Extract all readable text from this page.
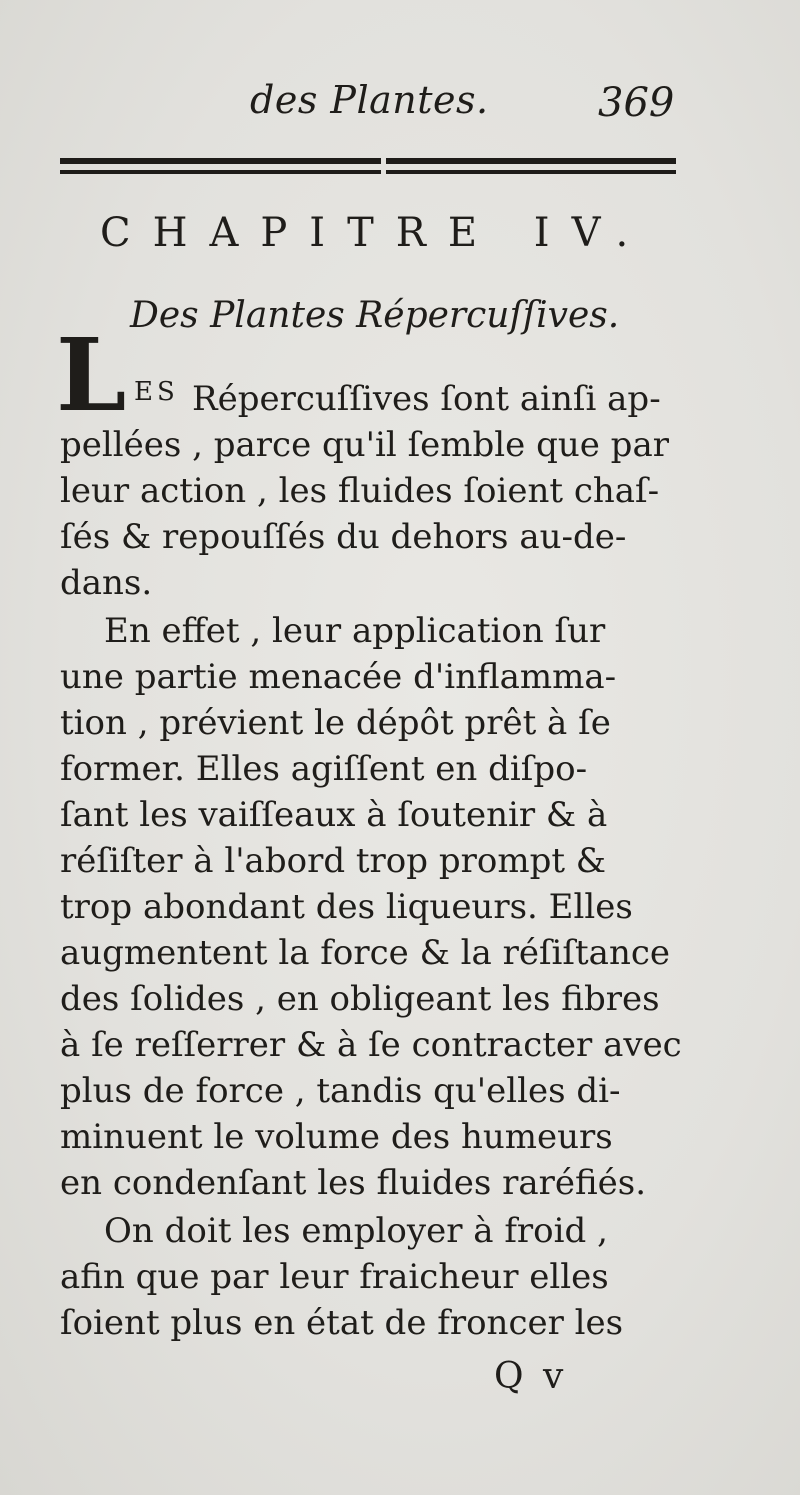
des Plantes.	369
CHAPITRE IV.
Des Plantes Répercuſſives.
L ES Répercuſſives ſont ainſi ap-
pellées , parce qu'il ſemble que par
leur action , les fluides ſoient chaſ-
ſés & repouſſés du dehors au-de-
dans.
En effet , leur application ſur
une partie menacée d'inflamma-
tion , prévient le dépôt prêt à ſe
former. Elles agiſſent en diſpo-
ſant les vaiſſeaux à ſoutenir & à
réſiſter à l'abord trop prompt &
trop abondant des liqueurs. Elles
augmentent la force & la réſiſtance
des ſolides , en obligeant les fibres
à ſe reſſerrer & à ſe contracter avec
plus de force , tandis qu'elles di-
minuent le volume des humeurs
en condenſant les fluides raréfiés.
On doit les employer à froid ,
afin que par leur fraicheur elles
ſoient plus en état de froncer les
Q v
